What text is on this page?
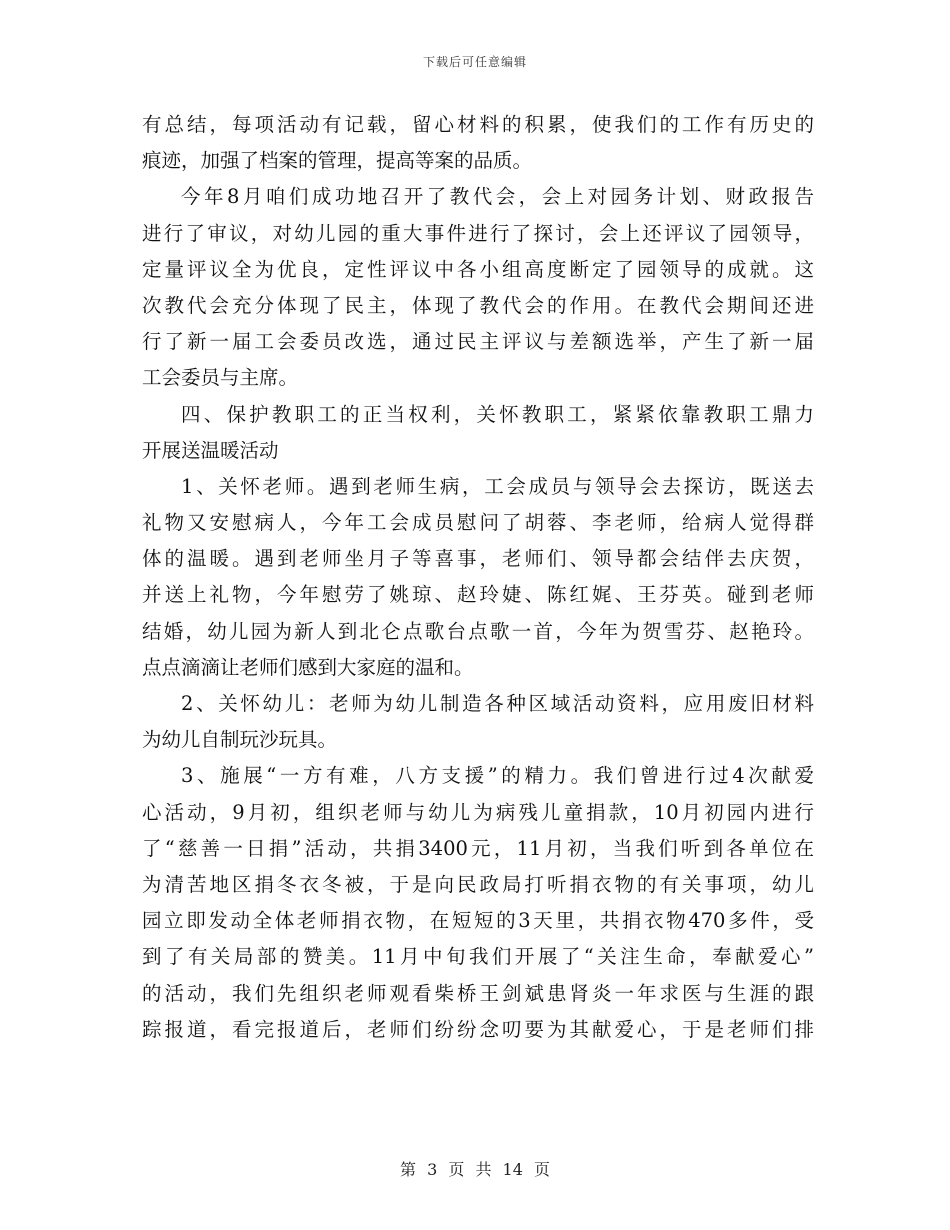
下载后可任意编辑
有总结，每项活动有记载，留心材料的积累，使我们的工作有历史的
痕迹，加强了档案的管理，提高等案的品质。
今年8月咱们成功地召开了教代会，会上对园务计划、财政报告
进行了审议，对幼儿园的重大事件进行了探讨，会上还评议了园领导，
定量评议全为优良，定性评议中各小组高度断定了园领导的成就。这
次教代会充分体现了民主，体现了教代会的作用。在教代会期间还进
行了新一届工会委员改选，通过民主评议与差额选举，产生了新一届
工会委员与主席。
四、保护教职工的正当权利，关怀教职工，紧紧依靠教职工鼎力
开展送温暖活动
1、关怀老师。遇到老师生病，工会成员与领导会去探访，既送去
礼物又安慰病人，今年工会成员慰问了胡蓉、李老师，给病人觉得群
体的温暖。遇到老师坐月子等喜事，老师们、领导都会结伴去庆贺，
并送上礼物，今年慰劳了姚琼、赵玲婕、陈红娓、王芬英。碰到老师
结婚，幼儿园为新人到北仑点歌台点歌一首，今年为贺雪芬、赵艳玲。
点点滴滴让老师们感到大家庭的温和。
2、关怀幼儿：老师为幼儿制造各种区域活动资料，应用废旧材料
为幼儿自制玩沙玩具。
3、施展“一方有难，八方支援”的精力。我们曾进行过4次献爱
心活动，9月初，组织老师与幼儿为病残儿童捐款，10月初园内进行
了“慈善一日捐”活动，共捐3400元，11月初，当我们听到各单位在
为清苦地区捐冬衣冬被，于是向民政局打听捐衣物的有关事项，幼儿
园立即发动全体老师捐衣物，在短短的3天里，共捐衣物470多件，受
到了有关局部的赞美。11月中旬我们开展了“关注生命，奉献爱心”
的活动，我们先组织老师观看柴桥王剑斌患肾炎一年求医与生涯的跟
踪报道，看完报道后，老师们纷纷念叨要为其献爱心，于是老师们排
第 3 页 共 14 页
